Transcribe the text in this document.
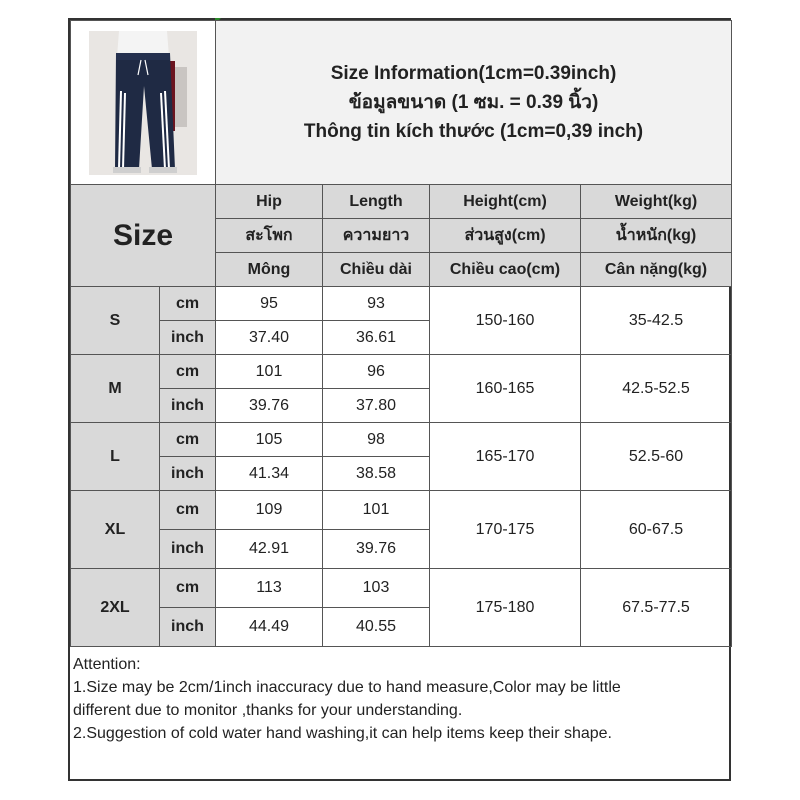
Size Information(1cm=0.39inch)
ข้อมูลขนาด (1 ซม. = 0.39 นิ้ว)
Thông tin kích thước (1cm=0,39 inch)			

Size		Hip	Length	Height(cm)	Weight(kg)
		สะโพก	ความยาว	ส่วนสูง(cm)	น้ำหนัก(kg)
		Mông	Chiều dài	Chiều cao(cm)	Cân nặng(kg)
S	cm	95	93	150-160	35-42.5
	inch	37.40	36.61		
M	cm	101	96	160-165	42.5-52.5
	inch	39.76	37.80		
L	cm	105	98	165-170	52.5-60
	inch	41.34	38.58		
XL	cm	109	101	170-175	60-67.5
	inch	42.91	39.76		
2XL	cm	113	103	175-180	67.5-77.5
	inch	44.49	40.55		
Attention:
1.Size may be 2cm/1inch inaccuracy due to hand measure,Color may be little
different due to monitor ,thanks for your understanding.
2.Suggestion of cold water hand washing,it can help items keep their shape.
